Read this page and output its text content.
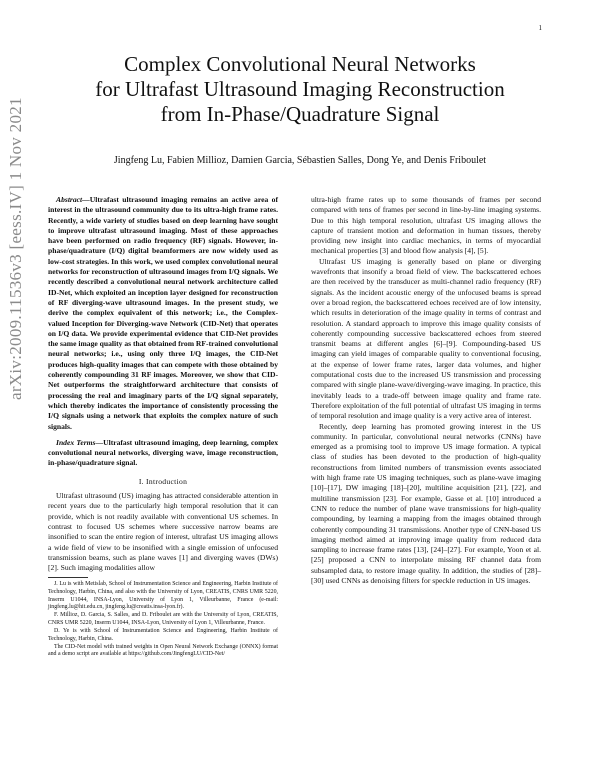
1
arXiv:2009.11536v3 [eess.IV] 1 Nov 2021
Complex Convolutional Neural Networks
for Ultrafast Ultrasound Imaging Reconstruction
from In-Phase/Quadrature Signal
Jingfeng Lu, Fabien Millioz, Damien Garcia, Sébastien Salles, Dong Ye, and Denis Friboulet

Abstract—Ultrafast ultrasound imaging remains an active area of interest in the ultrasound community due to its ultra-high frame rates. Recently, a wide variety of studies based on deep learning have sought to improve ultrafast ultrasound imaging. Most of these approaches have been performed on radio frequency (RF) signals. However, in-phase/quadrature (I/Q) digital beamformers are now widely used as low-cost strategies. In this work, we used complex convolutional neural networks for reconstruction of ultrasound images from I/Q signals. We recently described a convolutional neural network architecture called ID-Net, which exploited an inception layer designed for reconstruction of RF diverging-wave ultrasound images. In the present study, we derive the complex equivalent of this network; i.e., the Complex-valued Inception for Diverging-wave Network (CID-Net) that operates on I/Q data. We provide experimental evidence that CID-Net provides the same image quality as that obtained from RF-trained convolutional neural networks; i.e., using only three I/Q images, the CID-Net produces high-quality images that can compete with those obtained by coherently compounding 31 RF images. Moreover, we show that CID-Net outperforms the straightforward architecture that consists of processing the real and imaginary parts of the I/Q signal separately, which thereby indicates the importance of consistently processing the I/Q signals using a network that exploits the complex nature of such signals.

Index Terms—Ultrafast ultrasound imaging, deep learning, complex convolutional neural networks, diverging wave, image reconstruction, in-phase/quadrature signal.

I. Introduction

Ultrafast ultrasound (US) imaging has attracted considerable attention in recent years due to the particularly high temporal resolution that it can provide, which is not readily available with conventional US schemes. In contrast to focused US schemes where successive narrow beams are insonified to scan the entire region of interest, ultrafast US imaging allows a wide field of view to be insonified with a single emission of unfocused transmission beams, such as plane waves [1] and diverging waves (DWs) [2]. Such imaging modalities allow

J. Lu is with Metislab, School of Instrumentation Science and Engineering, Harbin Institute of Technology, Harbin, China, and also with the University of Lyon, CREATIS, CNRS UMR 5220, Inserm U1044, INSA-Lyon, University of Lyon 1, Villeurbanne, France (e-mail: jingfeng.lu@hit.edu.cn, jingfeng.lu@creatis.insa-lyon.fr).

F. Millioz, D. Garcia, S. Salles, and D. Friboulet are with the University of Lyon, CREATIS, CNRS UMR 5220, Inserm U1044, INSA-Lyon, University of Lyon 1, Villeurbanne, France.

D. Ye is with School of Instrumentation Science and Engineering, Harbin Institute of Technology, Harbin, China.

The CID-Net model with trained weights in Open Neural Network Exchange (ONNX) format and a demo script are available at https://github.com/JingfengLU/CID-Net/

ultra-high frame rates up to some thousands of frames per second compared with tens of frames per second in line-by-line imaging systems. Due to this high temporal resolution, ultrafast US imaging allows the capture of transient motion and deformation in human tissues, thereby providing new insight into cardiac mechanics, in terms of myocardial mechanical properties [3] and blood flow analysis [4], [5].

Ultrafast US imaging is generally based on plane or diverging wavefronts that insonify a broad field of view. The backscattered echoes are then received by the transducer as multi-channel radio frequency (RF) signals. As the incident acoustic energy of the unfocused beams is spread over a broad region, the backscattered echoes received are of low intensity, which results in deterioration of the image quality in terms of contrast and resolution. A standard approach to improve this image quality consists of coherently compounding successive backscattered echoes from steered transmit beams at different angles [6]–[9]. Compounding-based US imaging can yield images of comparable quality to conventional focusing, at the expense of lower frame rates, larger data volumes, and higher computational costs due to the increased US transmission and processing compared with single plane-wave/diverging-wave imaging. In practice, this inevitably leads to a trade-off between image quality and frame rate. Therefore exploitation of the full potential of ultrafast US imaging in terms of temporal resolution and image quality is a very active area of interest.

Recently, deep learning has promoted growing interest in the US community. In particular, convolutional neural networks (CNNs) have emerged as a promising tool to improve US image formation. A typical class of studies has been devoted to the production of high-quality reconstructions from limited numbers of transmission events associated with high frame rate US imaging techniques, such as plane-wave imaging [10]–[17], DW imaging [18]–[20], multiline acquisition [21], [22], and multiline transmission [23]. For example, Gasse et al. [10] introduced a CNN to reduce the number of plane wave transmissions for high-quality compounding, by learning a mapping from the images obtained through coherently compounding 31 transmissions. Another type of CNN-based US imaging method aimed at improving image quality from reduced data sampling to increase frame rates [13], [24]–[27]. For example, Yoon et al. [25] proposed a CNN to interpolate missing RF channel data from subsampled data, to restore image quality. In addition, the studies of [28]–[30] used CNNs as denoising filters for speckle reduction in US images.
